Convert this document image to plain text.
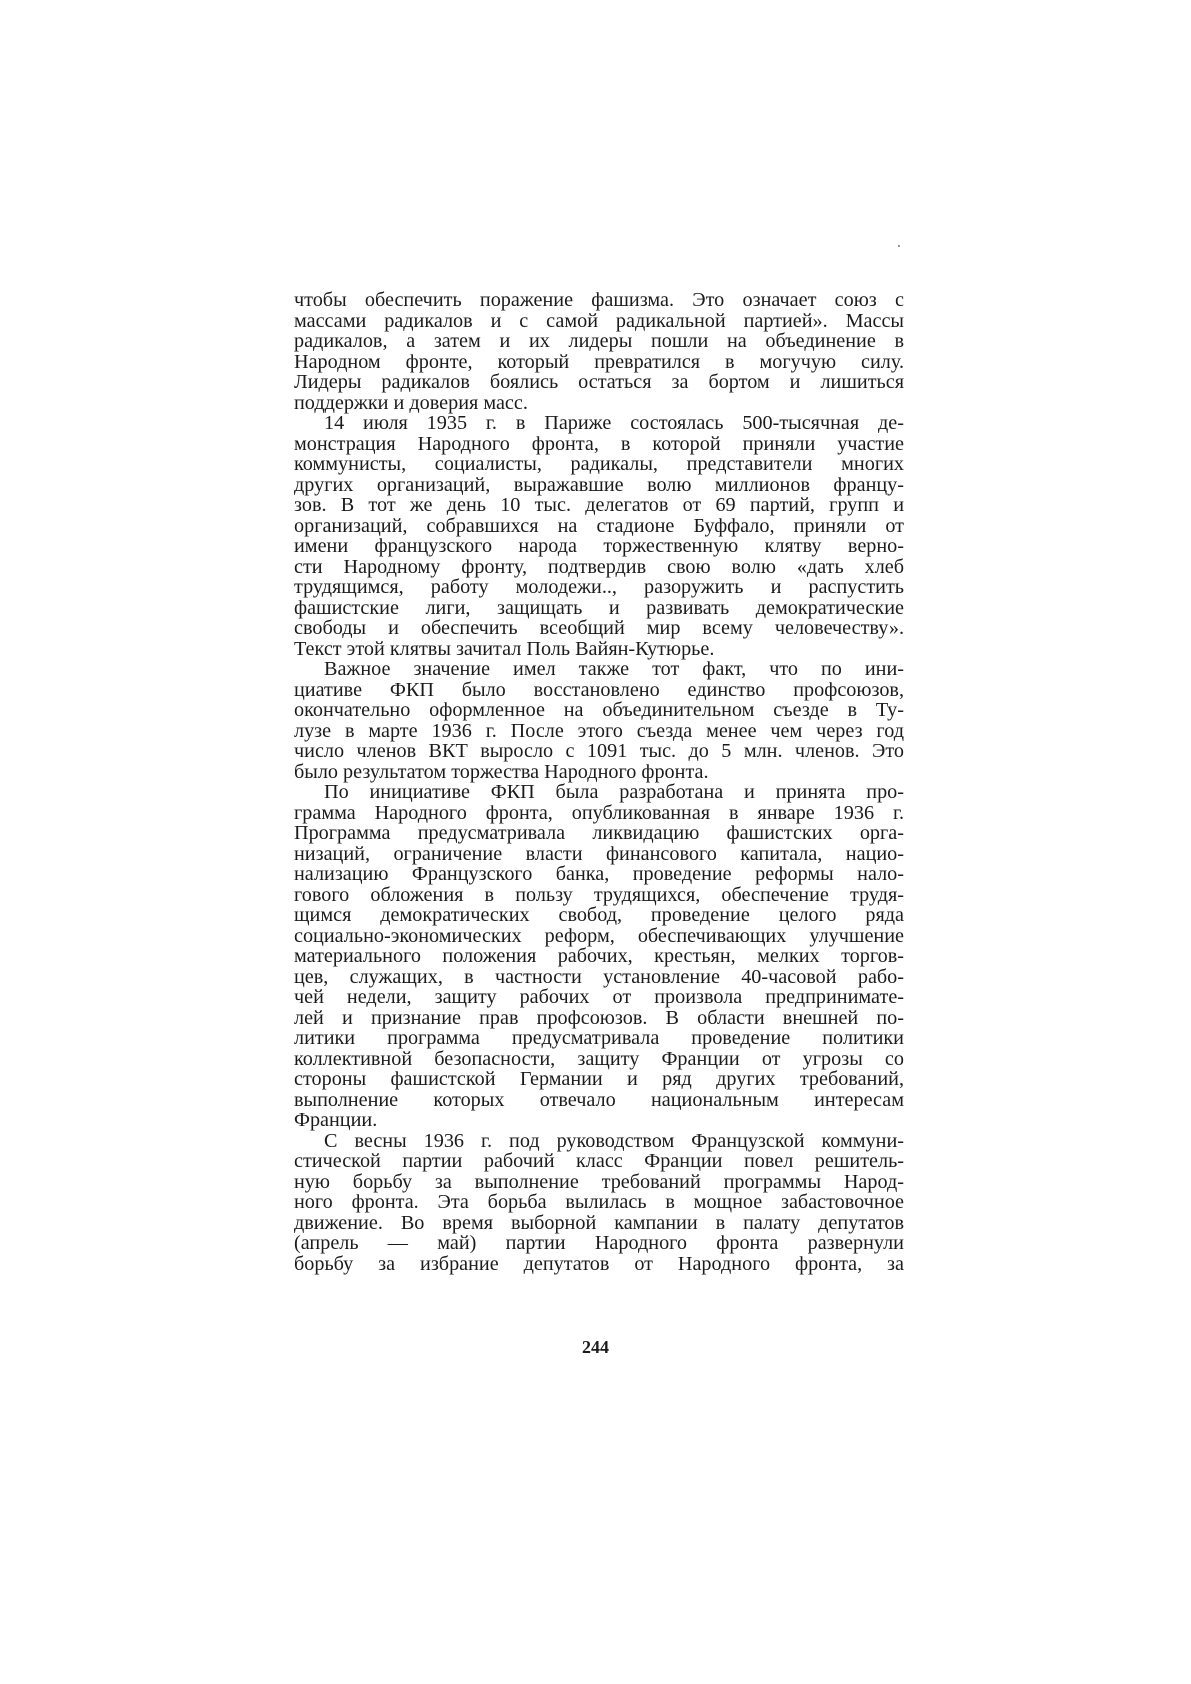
чтобы обеспечить поражение фашизма. Это означает союз с
массами радикалов и с самой радикальной партией». Массы
радикалов, а затем и их лидеры пошли на объединение в
Народном фронте, который превратился в могучую силу.
Лидеры радикалов боялись остаться за бортом и лишиться
поддержки и доверия масс.

14 июля 1935 г. в Париже состоялась 500-тысячная де-
монстрация Народного фронта, в которой приняли участие
коммунисты, социалисты, радикалы, представители многих
других организаций, выражавшие волю миллионов францу-
зов. В тот же день 10 тыс. делегатов от 69 партий, групп и
организаций, собравшихся на стадионе Буффало, приняли от
имени французского народа торжественную клятву верно-
сти Народному фронту, подтвердив свою волю «дать хлеб
трудящимся, работу молодежи.., разоружить и распустить
фашистские лиги, защищать и развивать демократические
свободы и обеспечить всеобщий мир всему человечеству».
Текст этой клятвы зачитал Поль Вайян-Кутюрье.

Важное значение имел также тот факт, что по ини-
циативе ФКП было восстановлено единство профсоюзов,
окончательно оформленное на объединительном съезде в Ту-
лузе в марте 1936 г. После этого съезда менее чем через год
число членов ВКТ выросло с 1091 тыс. до 5 млн. членов. Это
было результатом торжества Народного фронта.

По инициативе ФКП была разработана и принята про-
грамма Народного фронта, опубликованная в январе 1936 г.
Программа предусматривала ликвидацию фашистских орга-
низаций, ограничение власти финансового капитала, нацио-
нализацию Французского банка, проведение реформы нало-
гового обложения в пользу трудящихся, обеспечение трудя-
щимся демократических свобод, проведение целого ряда
социально-экономических реформ, обеспечивающих улучшение
материального положения рабочих, крестьян, мелких торгов-
цев, служащих, в частности установление 40-часовой рабо-
чей недели, защиту рабочих от произвола предпринимате-
лей и признание прав профсоюзов. В области внешней по-
литики программа предусматривала проведение политики
коллективной безопасности, защиту Франции от угрозы со
стороны фашистской Германии и ряд других требований,
выполнение которых отвечало национальным интересам
Франции.

С весны 1936 г. под руководством Французской коммуни-
стической партии рабочий класс Франции повел решитель-
ную борьбу за выполнение требований программы Народ-
ного фронта. Эта борьба вылилась в мощное забастовочное
движение. Во время выборной кампании в палату депутатов
(апрель — май) партии Народного фронта развернули
борьбу за избрание депутатов от Народного фронта, за

244
